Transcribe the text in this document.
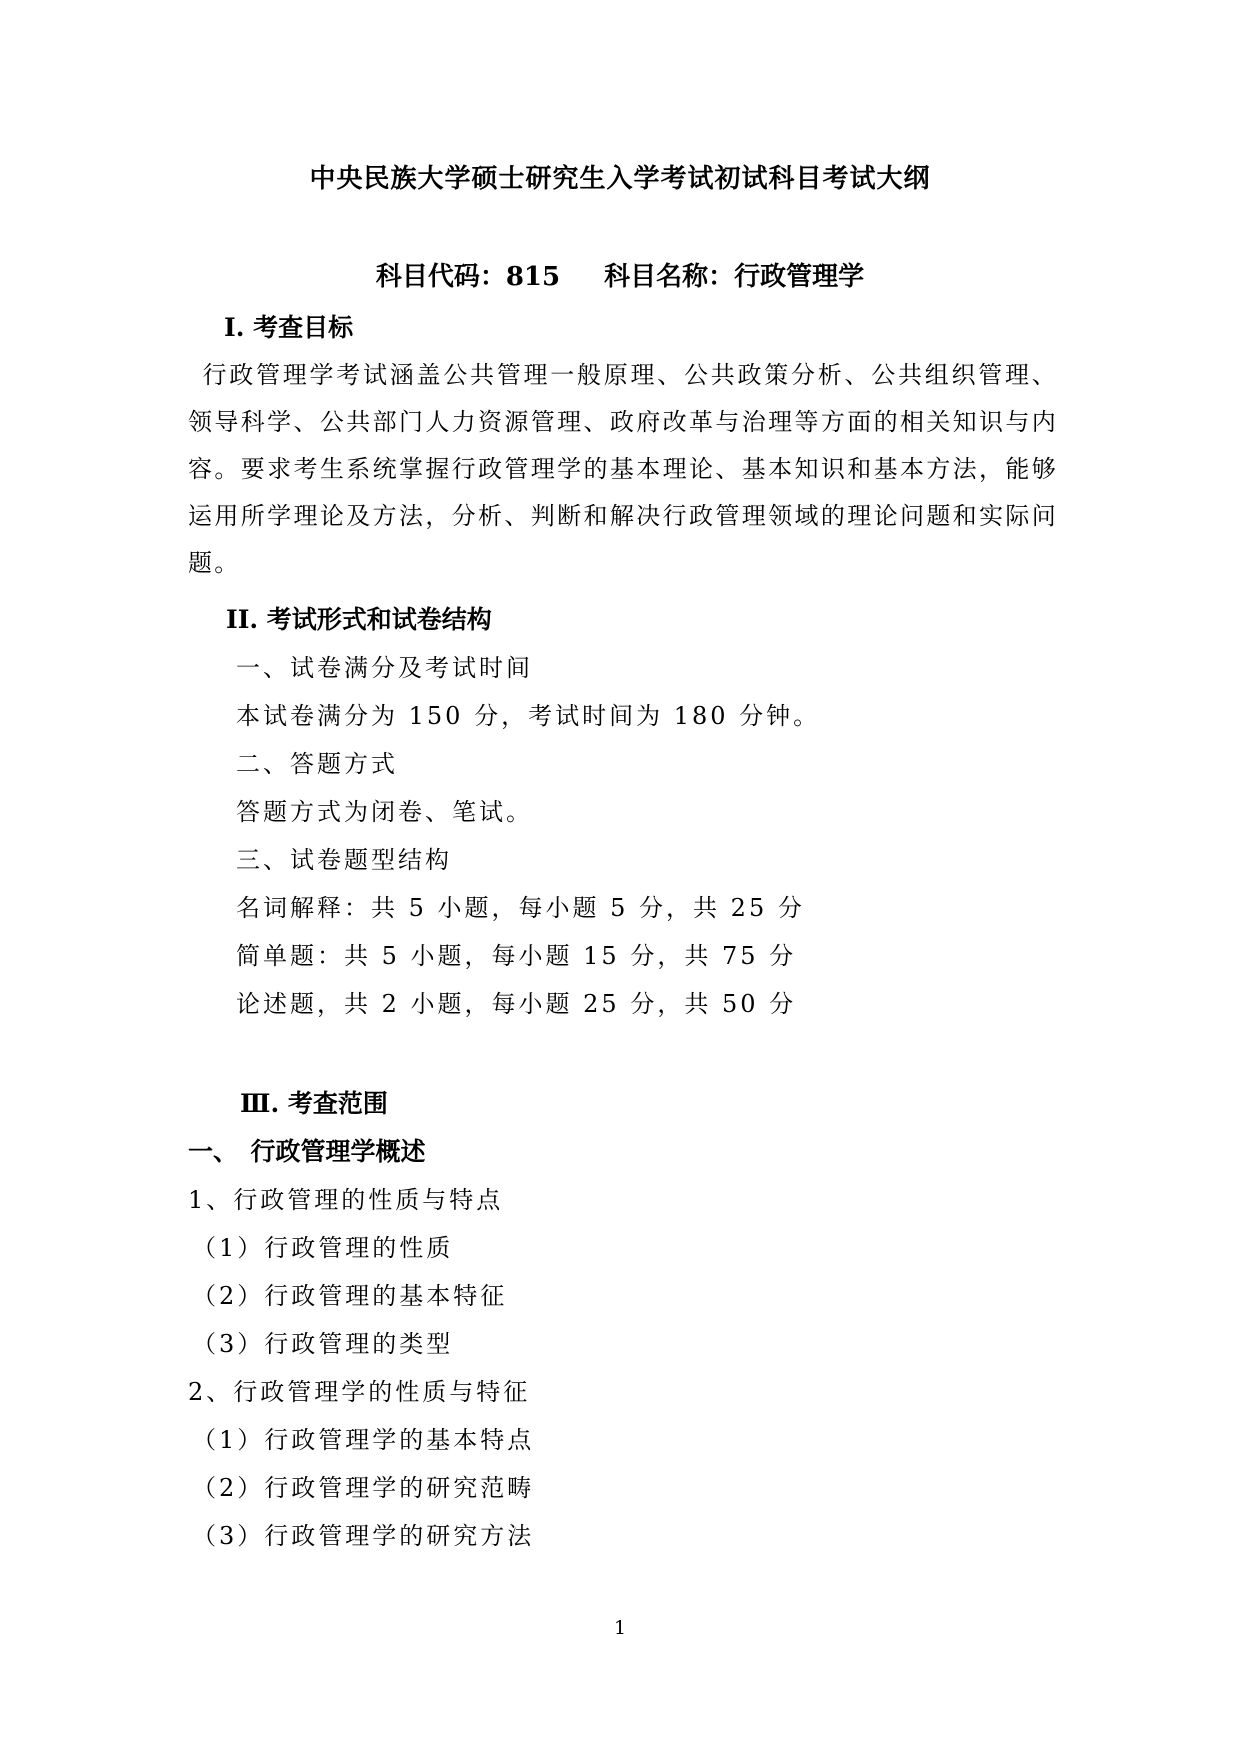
中央民族大学硕士研究生入学考试初试科目考试大纲
科目代码：815 科目名称：行政管理学
I. 考查目标
行政管理学考试涵盖公共管理一般原理、公共政策分析、公共组织管理、领导科学、公共部门人力资源管理、政府改革与治理等方面的相关知识与内容。要求考生系统掌握行政管理学的基本理论、基本知识和基本方法，能够运用所学理论及方法，分析、判断和解决行政管理领域的理论问题和实际问题。
II. 考试形式和试卷结构
一、试卷满分及考试时间
本试卷满分为 150 分，考试时间为 180 分钟。
二、答题方式
答题方式为闭卷、笔试。
三、试卷题型结构
名词解释：共 5 小题，每小题 5 分，共 25 分
简单题：共 5 小题，每小题 15 分，共 75 分
论述题，共 2 小题，每小题 25 分，共 50 分
Ⅲ. 考查范围
一、　行政管理学概述
1、行政管理的性质与特点
（1）行政管理的性质
（2）行政管理的基本特征
（3）行政管理的类型
2、行政管理学的性质与特征
（1）行政管理学的基本特点
（2）行政管理学的研究范畴
（3）行政管理学的研究方法
1
